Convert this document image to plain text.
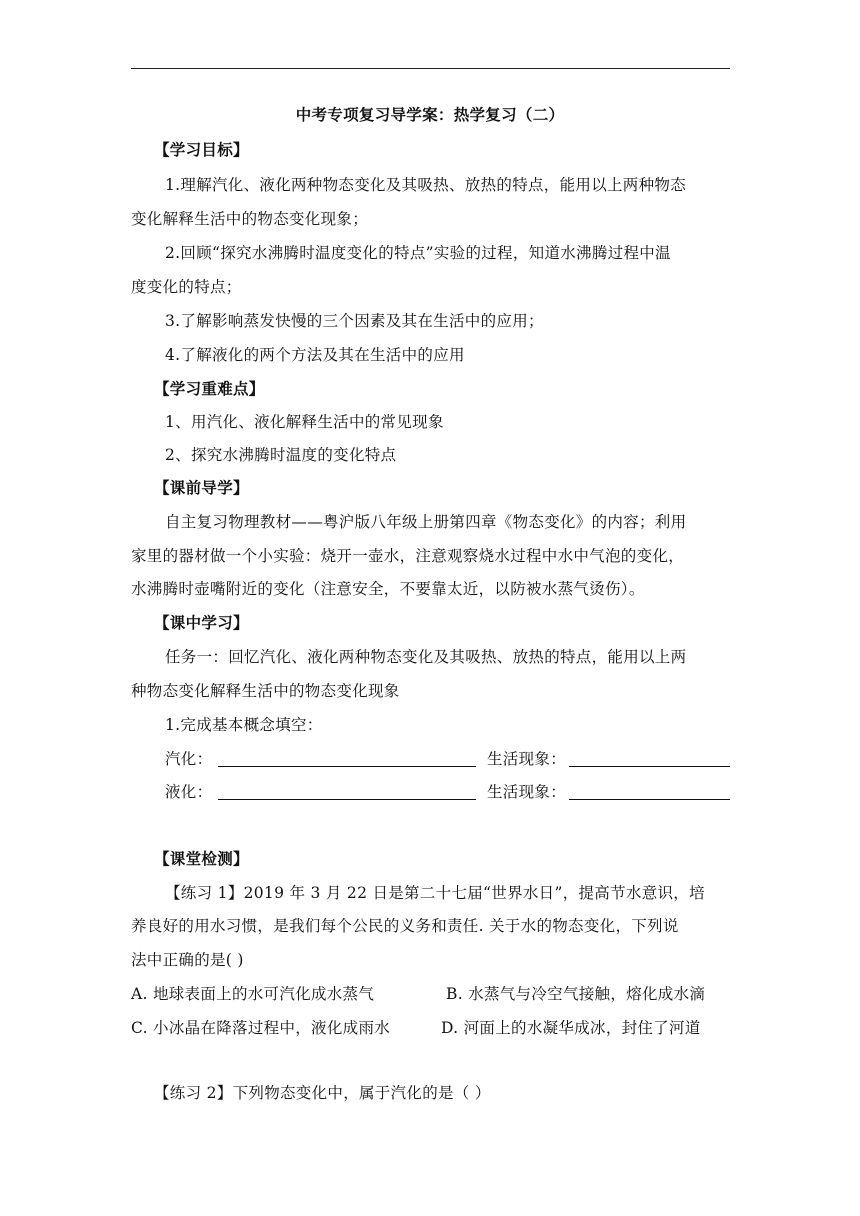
中考专项复习导学案：热学复习（二）
【学习目标】
1.理解汽化、液化两种物态变化及其吸热、放热的特点，能用以上两种物态
变化解释生活中的物态变化现象；
2.回顾“探究水沸腾时温度变化的特点”实验的过程，知道水沸腾过程中温
度变化的特点；
3.了解影响蒸发快慢的三个因素及其在生活中的应用；
4.了解液化的两个方法及其在生活中的应用
【学习重难点】
1、用汽化、液化解释生活中的常见现象
2、探究水沸腾时温度的变化特点
【课前导学】
自主复习物理教材——粤沪版八年级上册第四章《物态变化》的内容；利用
家里的器材做一个小实验：烧开一壶水，注意观察烧水过程中水中气泡的变化，
水沸腾时壶嘴附近的变化（注意安全，不要靠太近，以防被水蒸气烫伤）。
【课中学习】
任务一：回忆汽化、液化两种物态变化及其吸热、放热的特点，能用以上两
种物态变化解释生活中的物态变化现象
1.完成基本概念填空：
汽化：	生活现象：
液化：	生活现象：
【课堂检测】
【练习 1】2019 年 3 月 22 日是第二十七届“世界水日”，提高节水意识，培
养良好的用水习惯，是我们每个公民的义务和责任. 关于水的物态变化，下列说
法中正确的是( )
A. 地球表面上的水可汽化成水蒸气	B. 水蒸气与冷空气接触，熔化成水滴
C. 小冰晶在降落过程中，液化成雨水	D. 河面上的水凝华成冰，封住了河道
【练习 2】下列物态变化中，属于汽化的是（ ）
